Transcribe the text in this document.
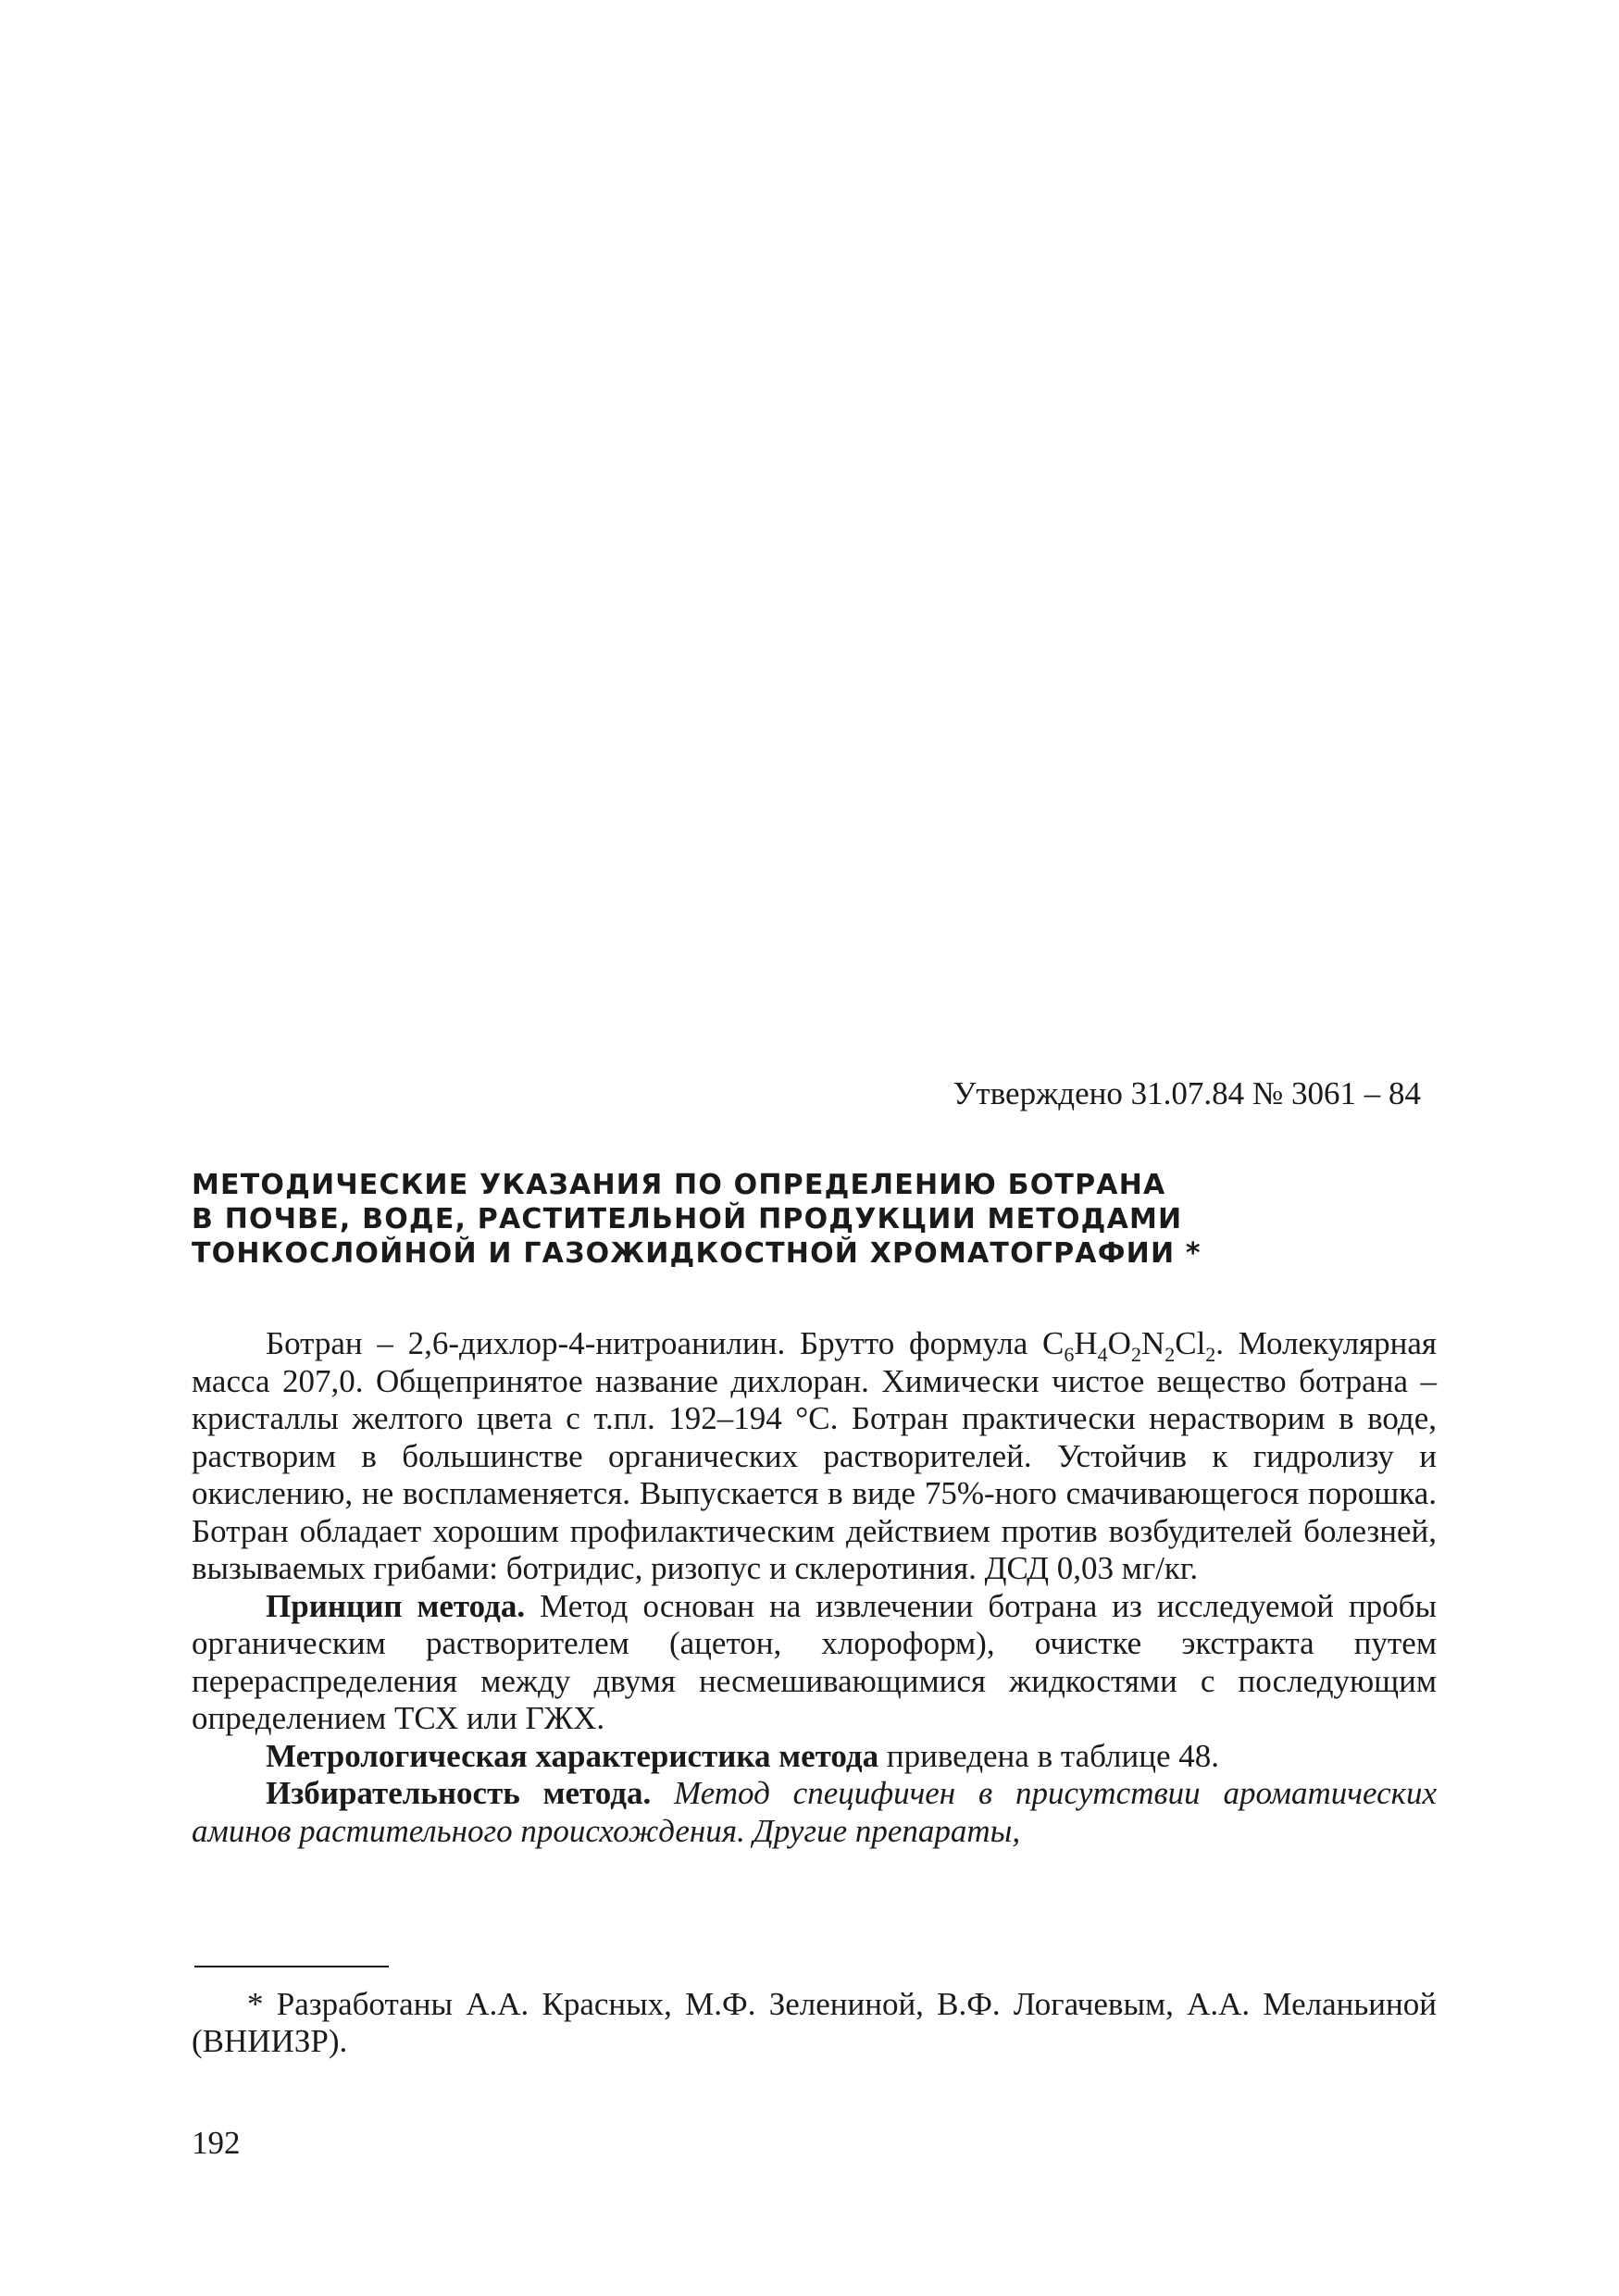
Утверждено 31.07.84 № 3061 – 84
МЕТОДИЧЕСКИЕ УКАЗАНИЯ ПО ОПРЕДЕЛЕНИЮ БОТРАНА
В ПОЧВЕ, ВОДЕ, РАСТИТЕЛЬНОЙ ПРОДУКЦИИ МЕТОДАМИ
ТОНКОСЛОЙНОЙ И ГАЗОЖИДКОСТНОЙ ХРОМАТОГРАФИИ *

Ботран – 2,6-дихлор-4-нитроанилин. Брутто формула $C_6H_4O_2N_2Cl_2$. Молекулярная масса 207,0. Общепринятое название дихлоран. Химически чистое вещество ботрана – кристаллы желтого цвета с т.пл. 192–194 °С. Ботран практически нерастворим в воде, растворим в большинстве органических растворителей. Устойчив к гидролизу и окислению, не воспламеняется. Выпускается в виде 75%-ного смачивающегося порошка. Ботран обладает хорошим профилактическим действием против возбудителей болезней, вызываемых грибами: ботридис, ризопус и склеротиния. ДСД 0,03 мг/кг.

Принцип метода. Метод основан на извлечении ботрана из исследуемой пробы органическим растворителем (ацетон, хлороформ), очистке экстракта путем перераспределения между двумя несмешивающимися жидкостями с последующим определением ТСХ или ГЖХ.

Метрологическая характеристика метода приведена в таблице 48.

Избирательность метода. Метод специфичен в присутствии ароматических аминов растительного происхождения. Другие препараты,

* Разработаны А.А. Красных, М.Ф. Зелениной, В.Ф. Логачевым, А.А. Меланьиной (ВНИИЗР).
192
